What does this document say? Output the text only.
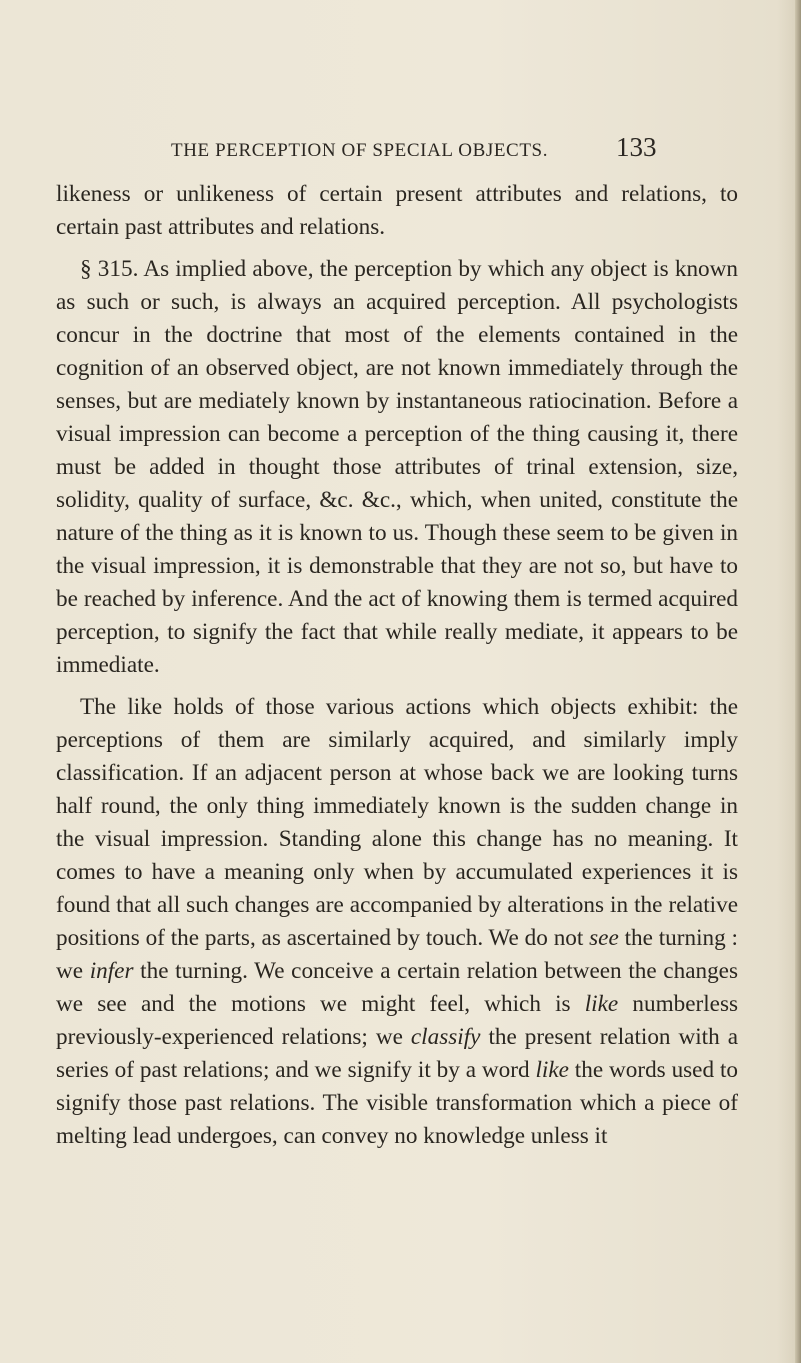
THE PERCEPTION OF SPECIAL OBJECTS.	133

likeness or unlikeness of certain present attributes and relations, to certain past attributes and relations.

§ 315. As implied above, the perception by which any object is known as such or such, is always an acquired perception. All psychologists concur in the doctrine that most of the elements contained in the cognition of an observed object, are not known immediately through the senses, but are mediately known by instantaneous ratiocination. Before a visual impression can become a perception of the thing causing it, there must be added in thought those attributes of trinal extension, size, solidity, quality of surface, &c. &c., which, when united, constitute the nature of the thing as it is known to us. Though these seem to be given in the visual impression, it is demonstrable that they are not so, but have to be reached by inference. And the act of knowing them is termed acquired perception, to signify the fact that while really mediate, it appears to be immediate.

The like holds of those various actions which objects exhibit: the perceptions of them are similarly acquired, and similarly imply classification. If an adjacent person at whose back we are looking turns half round, the only thing immediately known is the sudden change in the visual impression. Standing alone this change has no meaning. It comes to have a meaning only when by accumulated experiences it is found that all such changes are accompanied by alterations in the relative positions of the parts, as ascertained by touch. We do not see the turning : we infer the turning. We conceive a certain relation between the changes we see and the motions we might feel, which is like numberless previously-experienced relations; we classify the present relation with a series of past relations; and we signify it by a word like the words used to signify those past relations. The visible transformation which a piece of melting lead undergoes, can convey no knowledge unless it
